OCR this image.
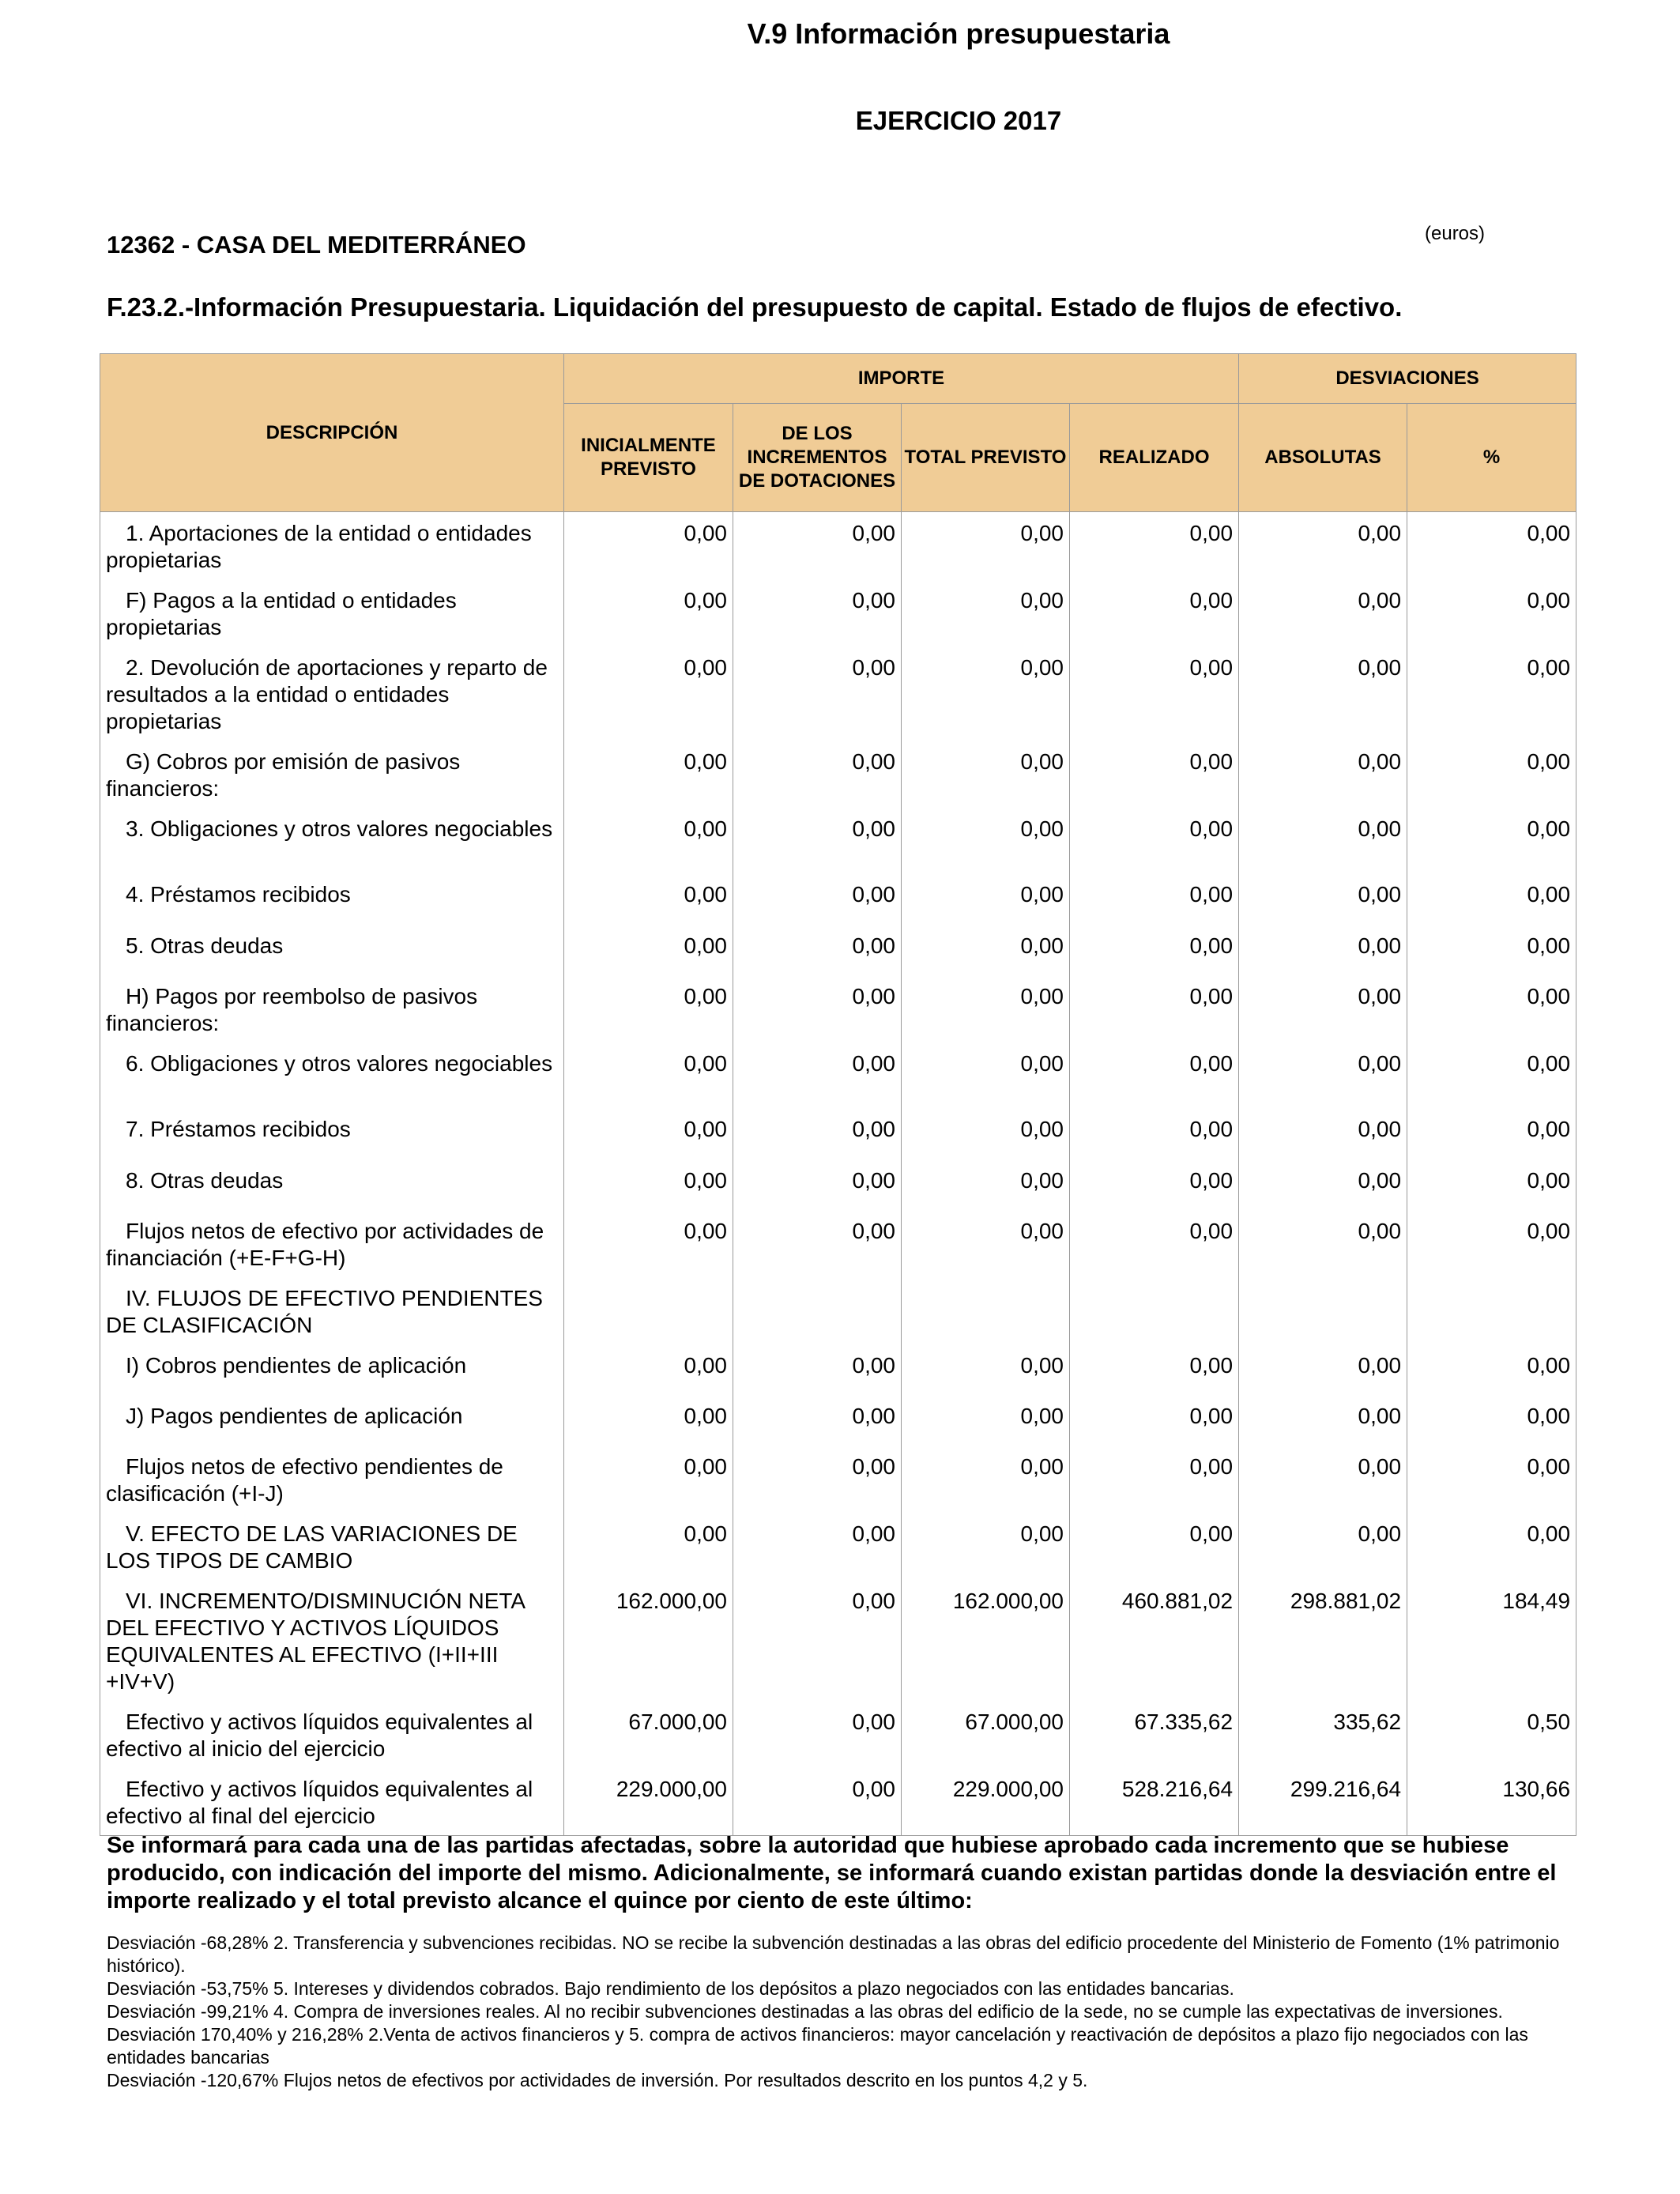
V.9 Información presupuestaria
EJERCICIO 2017
12362 - CASA DEL MEDITERRÁNEO	(euros)
F.23.2.-Información Presupuestaria. Liquidación del presupuesto de capital. Estado de flujos de efectivo.
DESCRIPCIÓN	IMPORTE				DESVIACIONES	
	INICIALMENTE PREVISTO	DE LOS INCREMENTOS DE DOTACIONES	TOTAL PREVISTO	REALIZADO	ABSOLUTAS	%
1. Aportaciones de la entidad o entidades propietarias	0,00	0,00	0,00	0,00	0,00	0,00
F) Pagos a la entidad o entidades propietarias	0,00	0,00	0,00	0,00	0,00	0,00
2. Devolución de aportaciones y reparto de resultados a la entidad o entidades propietarias	0,00	0,00	0,00	0,00	0,00	0,00
G) Cobros por emisión de pasivos financieros:	0,00	0,00	0,00	0,00	0,00	0,00
3. Obligaciones y otros valores negociables	0,00	0,00	0,00	0,00	0,00	0,00
4. Préstamos recibidos	0,00	0,00	0,00	0,00	0,00	0,00
5. Otras deudas	0,00	0,00	0,00	0,00	0,00	0,00
H) Pagos por reembolso de pasivos financieros:	0,00	0,00	0,00	0,00	0,00	0,00
6. Obligaciones y otros valores negociables	0,00	0,00	0,00	0,00	0,00	0,00
7. Préstamos recibidos	0,00	0,00	0,00	0,00	0,00	0,00
8. Otras deudas	0,00	0,00	0,00	0,00	0,00	0,00
Flujos netos de efectivo por actividades de financiación (+E-F+G-H)	0,00	0,00	0,00	0,00	0,00	0,00
IV. FLUJOS DE EFECTIVO PENDIENTES DE CLASIFICACIÓN						
I) Cobros pendientes de aplicación	0,00	0,00	0,00	0,00	0,00	0,00
J) Pagos pendientes de aplicación	0,00	0,00	0,00	0,00	0,00	0,00
Flujos netos de efectivo pendientes de clasificación (+I-J)	0,00	0,00	0,00	0,00	0,00	0,00
V. EFECTO DE LAS VARIACIONES DE LOS TIPOS DE CAMBIO	0,00	0,00	0,00	0,00	0,00	0,00
VI. INCREMENTO/DISMINUCIÓN NETA DEL EFECTIVO Y ACTIVOS LÍQUIDOS EQUIVALENTES AL EFECTIVO (I+II+III +IV+V)	162.000,00	0,00	162.000,00	460.881,02	298.881,02	184,49
Efectivo y activos líquidos equivalentes al efectivo al inicio del ejercicio	67.000,00	0,00	67.000,00	67.335,62	335,62	0,50
Efectivo y activos líquidos equivalentes al efectivo al final del ejercicio	229.000,00	0,00	229.000,00	528.216,64	299.216,64	130,66
Se informará para cada una de las partidas afectadas, sobre la autoridad que hubiese aprobado cada incremento que se hubiese producido, con indicación del importe del mismo. Adicionalmente, se informará cuando existan partidas donde la desviación entre el importe realizado y el total previsto alcance el quince por ciento de este último:
Desviación -68,28% 2. Transferencia y subvenciones recibidas. NO se recibe la subvención destinadas a las obras del edificio procedente del Ministerio de Fomento (1% patrimonio histórico).
Desviación -53,75% 5. Intereses y dividendos cobrados. Bajo rendimiento de los depósitos a plazo negociados con las entidades bancarias.
Desviación -99,21% 4. Compra de inversiones reales. Al no recibir subvenciones destinadas a las obras del edificio de la sede, no se cumple las expectativas de inversiones.
Desviación 170,40% y 216,28% 2.Venta de activos financieros y 5. compra de activos financieros: mayor cancelación y reactivación de depósitos a plazo fijo negociados con las entidades bancarias
Desviación -120,67% Flujos netos de efectivos por actividades de inversión. Por resultados descrito en los puntos 4,2 y 5.
